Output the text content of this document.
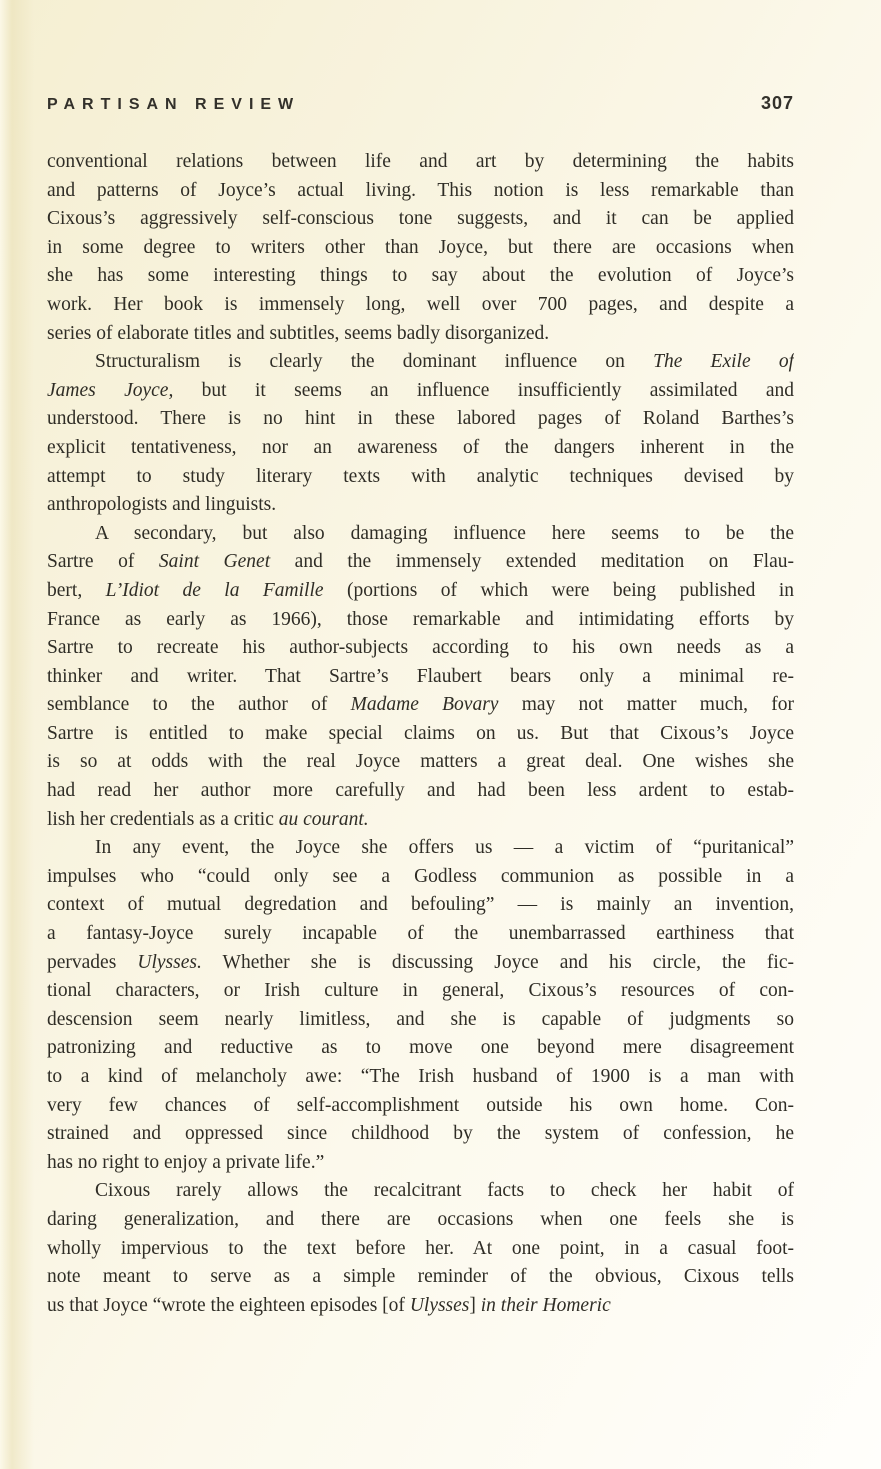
PARTISAN REVIEW	307
conventional relations between life and art by determining the habits
and patterns of Joyce’s actual living. This notion is less remarkable than
Cixous’s aggressively self-conscious tone suggests, and it can be applied
in some degree to writers other than Joyce, but there are occasions when
she has some interesting things to say about the evolution of Joyce’s
work. Her book is immensely long, well over 700 pages, and despite a
series of elaborate titles and subtitles, seems badly disorganized.
Structuralism is clearly the dominant influence on The Exile of
James Joyce, but it seems an influence insufficiently assimilated and
understood. There is no hint in these labored pages of Roland Barthes’s
explicit tentativeness, nor an awareness of the dangers inherent in the
attempt to study literary texts with analytic techniques devised by
anthropologists and linguists.
A secondary, but also damaging influence here seems to be the
Sartre of Saint Genet and the immensely extended meditation on Flau-
bert, L’Idiot de la Famille (portions of which were being published in
France as early as 1966), those remarkable and intimidating efforts by
Sartre to recreate his author-subjects according to his own needs as a
thinker and writer. That Sartre’s Flaubert bears only a minimal re-
semblance to the author of Madame Bovary may not matter much, for
Sartre is entitled to make special claims on us. But that Cixous’s Joyce
is so at odds with the real Joyce matters a great deal. One wishes she
had read her author more carefully and had been less ardent to estab-
lish her credentials as a critic au courant.
In any event, the Joyce she offers us — a victim of “puritanical”
impulses who “could only see a Godless communion as possible in a
context of mutual degredation and befouling” — is mainly an invention,
a fantasy-Joyce surely incapable of the unembarrassed earthiness that
pervades Ulysses. Whether she is discussing Joyce and his circle, the fic-
tional characters, or Irish culture in general, Cixous’s resources of con-
descension seem nearly limitless, and she is capable of judgments so
patronizing and reductive as to move one beyond mere disagreement
to a kind of melancholy awe: “The Irish husband of 1900 is a man with
very few chances of self-accomplishment outside his own home. Con-
strained and oppressed since childhood by the system of confession, he
has no right to enjoy a private life.”
Cixous rarely allows the recalcitrant facts to check her habit of
daring generalization, and there are occasions when one feels she is
wholly impervious to the text before her. At one point, in a casual foot-
note meant to serve as a simple reminder of the obvious, Cixous tells
us that Joyce “wrote the eighteen episodes [of Ulysses] in their Homeric
